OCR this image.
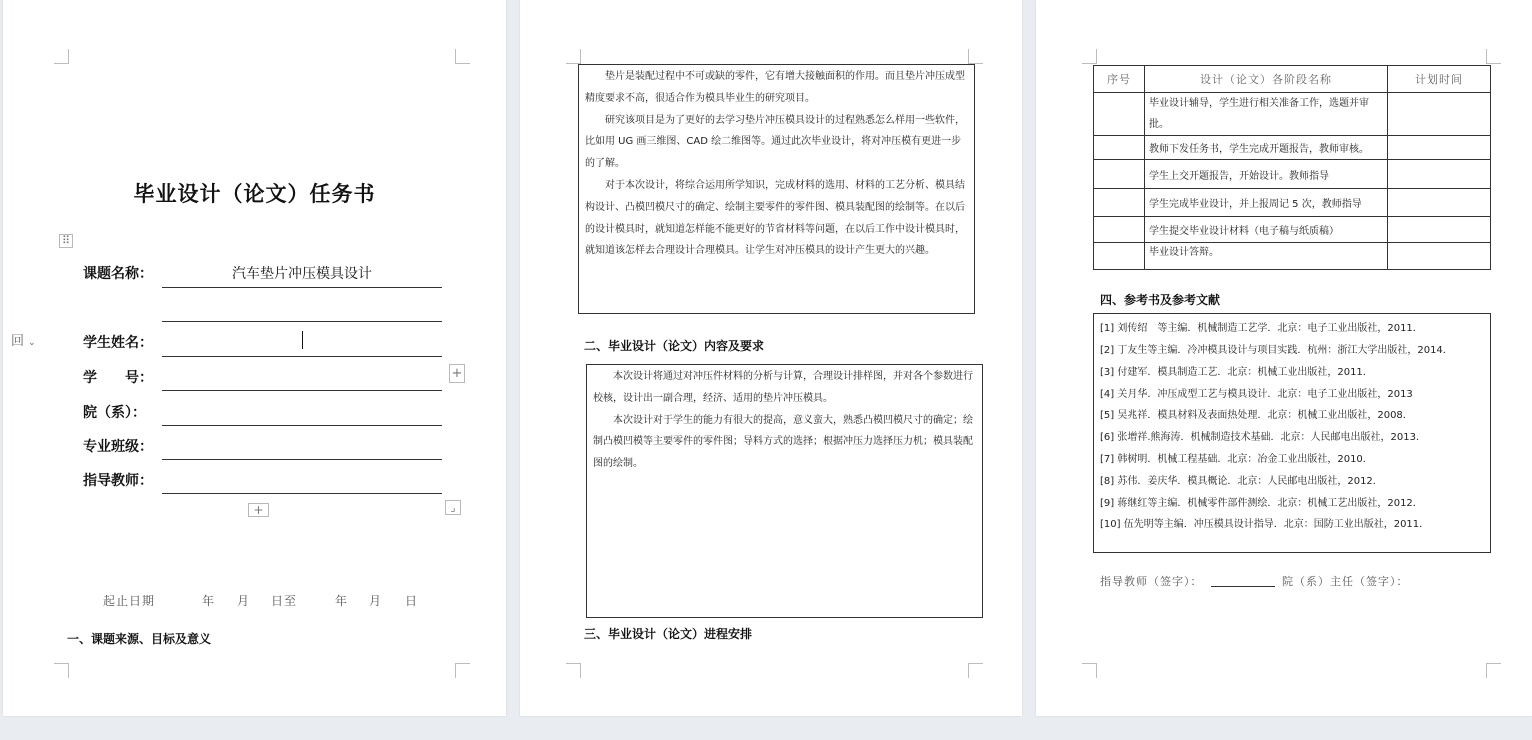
毕业设计（论文）任务书
⠿
课题名称：	汽车垫片冲压模具设计
回 ⌄	学生姓名：
学　　号：	+
院（系）：
专业班级：
指导教师：
+	⌟
起止日期	年 月 日至	年 月 日
一、课题来源、目标及意义

垫片是装配过程中不可或缺的零件，它有增大接触面积的作用。而且垫片冲压成型精度要求不高，很适合作为模具毕业生的研究项目。

研究该项目是为了更好的去学习垫片冲压模具设计的过程熟悉怎么样用一些软件，比如用 UG 画三维图、CAD 绘二维图等。通过此次毕业设计，将对冲压模有更进一步的了解。

对于本次设计，将综合运用所学知识，完成材料的选用、材料的工艺分析、模具结构设计、凸模凹模尺寸的确定、绘制主要零件的零件图、模具装配图的绘制等。在以后的设计模具时，就知道怎样能不能更好的节省材料等问题，在以后工作中设计模具时，就知道该怎样去合理设计合理模具。让学生对冲压模具的设计产生更大的兴趣。

二、毕业设计（论文）内容及要求

本次设计将通过对冲压件材料的分析与计算，合理设计排样图，并对各个参数进行校核，设计出一副合理，经济、适用的垫片冲压模具。

本次设计对于学生的能力有很大的提高，意义蛮大，熟悉凸模凹模尺寸的确定；绘制凸模凹模等主要零件的零件图；导料方式的选择；根据冲压力选择压力机；模具装配图的绘制。

三、毕业设计（论文）进程安排
序号	设计（论文）各阶段名称	计划时间
	毕业设计辅导，学生进行相关准备工作，选题并审批。	
	教师下发任务书，学生完成开题报告，教师审核。	
	学生上交开题报告，开始设计。教师指导	
	学生完成毕业设计，并上报周记 5 次，教师指导	
	学生提交毕业设计材料（电子稿与纸质稿）	
	毕业设计答辩。	
四、参考书及参考文献
[1] 刘传绍　等主编．机械制造工艺学．北京：电子工业出版社，2011．
[2] 丁友生等主编．冷冲模具设计与项目实践．杭州：浙江大学出版社，2014．
[3] 付建军．模具制造工艺．北京：机械工业出版社，2011．
[4] 关月华．冲压成型工艺与模具设计．北京：电子工业出版社，2013
[5] 吴兆祥．模具材料及表面热处理．北京：机械工业出版社，2008．
[6] 张增祥.熊海涛．机械制造技术基础．北京：人民邮电出版社，2013．
[7] 韩树明．机械工程基础．北京：冶金工业出版社，2010．
[8] 苏伟．姜庆华．模具概论．北京：人民邮电出版社，2012．
[9] 蒋继红等主编．机械零件部件测绘．北京：机械工艺出版社，2012．
[10] 伍先明等主编．冲压模具设计指导．北京：国防工业出版社，2011．
指导教师（签字）：	院（系）主任（签字）：
